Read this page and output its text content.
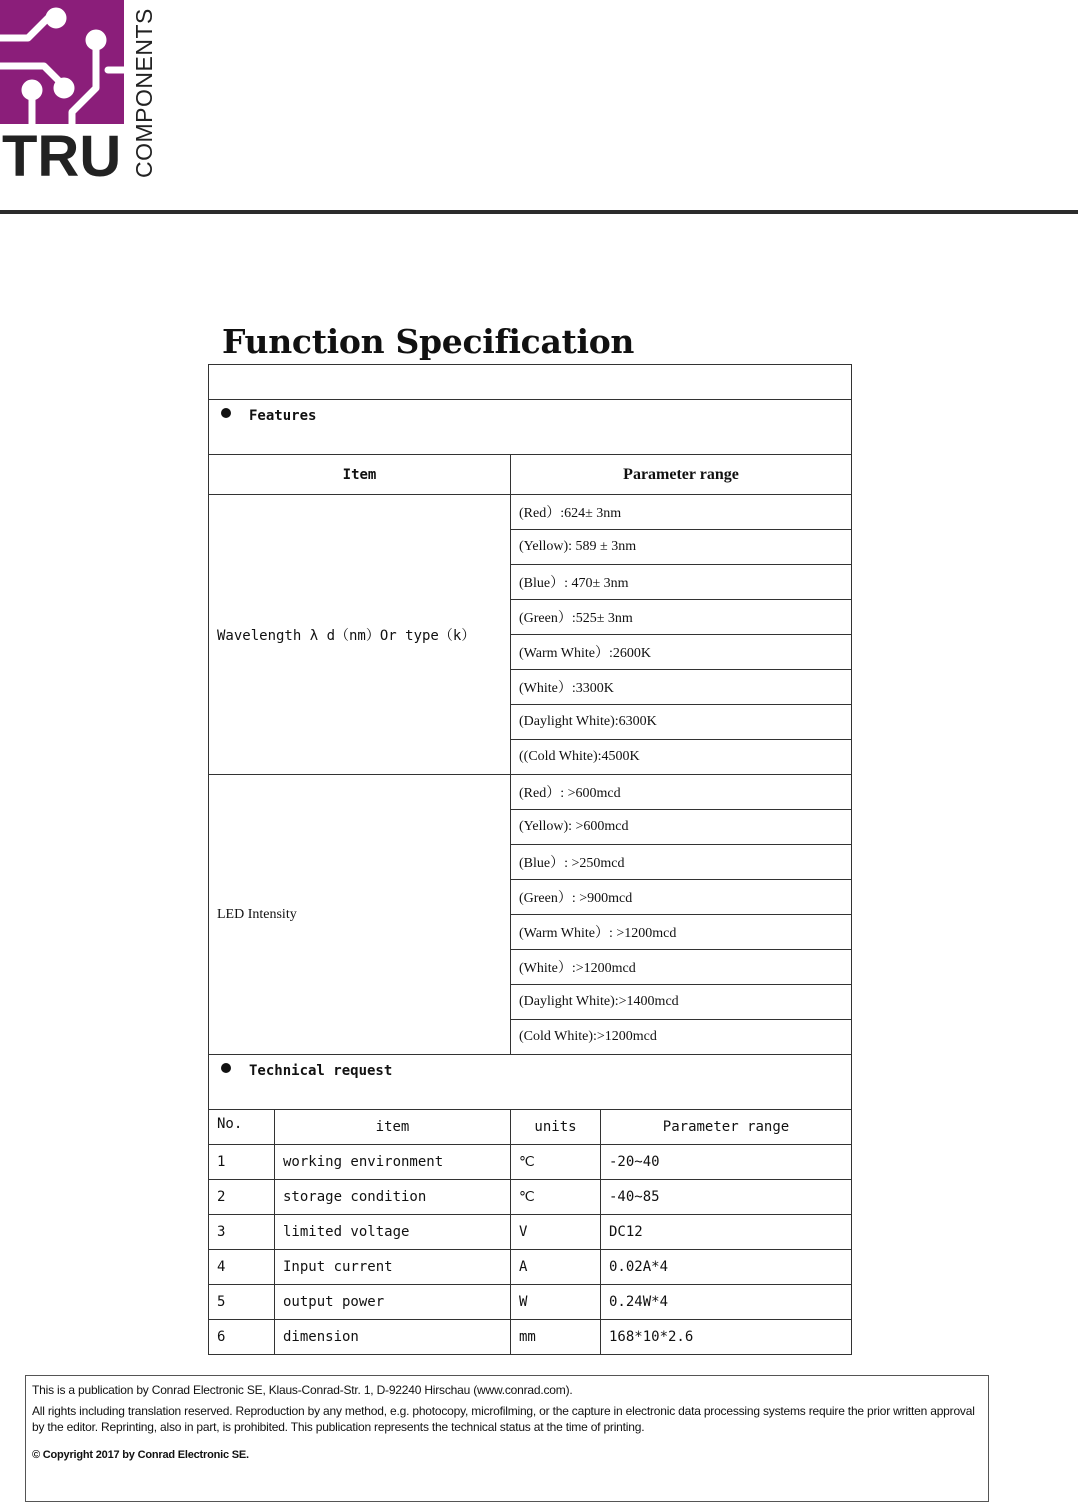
TRU COMPONENTS
Function Specification

Features			
Item		Parameter range	
Wavelength λ d（nm）Or type（k）		(Red）:624± 3nm	
		(Yellow): 589 ± 3nm	
		(Blue）: 470± 3nm	
		(Green）:525± 3nm	
		(Warm White）:2600K	
		(White）:3300K	
		(Daylight White):6300K	
		((Cold White):4500K	
LED Intensity		(Red）: >600mcd	
		(Yellow): >600mcd	
		(Blue）: >250mcd	
		(Green）: >900mcd	
		(Warm White）: >1200mcd	
		(White）:>1200mcd	
		(Daylight White):>1400mcd	
		(Cold White):>1200mcd	
Technical request			
No.	item	units	Parameter range
1	working environment	℃	-20~40
2	storage condition	℃	-40~85
3	limited voltage	V	DC12
4	Input current	A	0.02A*4
5	output power	W	0.24W*4
6	dimension	mm	168*10*2.6

This is a publication by Conrad Electronic SE, Klaus-Conrad-Str. 1, D-92240 Hirschau (www.conrad.com).

All rights including translation reserved. Reproduction by any method, e.g. photocopy, microfilming, or the capture in electronic data processing systems require the prior written approval by the editor. Reprinting, also in part, is prohibited. This publication represents the technical status at the time of printing.

© Copyright 2017 by Conrad Electronic SE.
